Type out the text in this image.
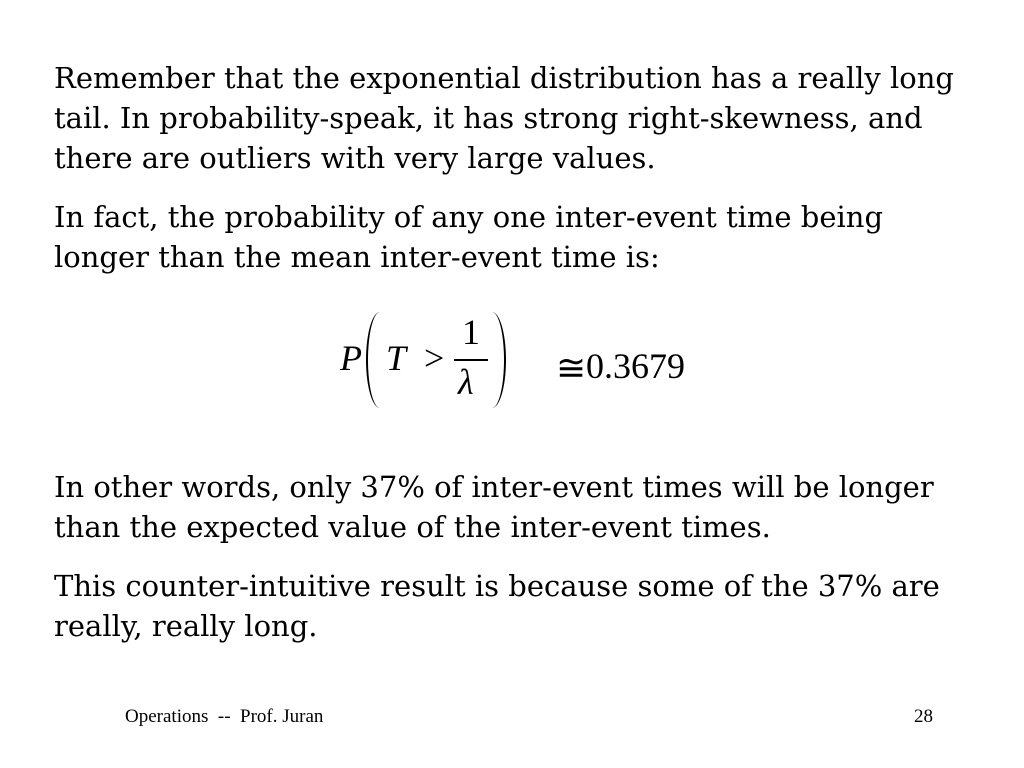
Remember that the exponential distribution has a really long tail. In probability-speak, it has strong right-skewness, and there are outliers with very large values.

In fact, the probability of any one inter-event time being longer than the mean inter-event time is:

P T >
1
λ ≅ 0.3679

In other words, only 37% of inter-event times will be longer than the expected value of the inter-event times.

This counter-intuitive result is because some of the 37% are really, really long.

Operations  --  Prof. Juran	28
